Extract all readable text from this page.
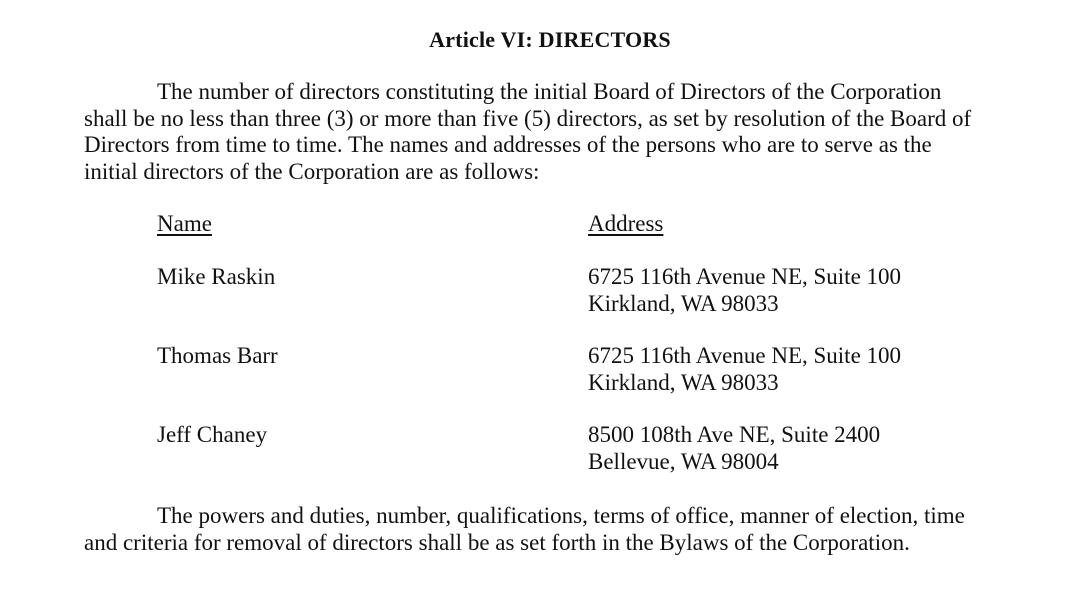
Article VI: DIRECTORS
The number of directors constituting the initial Board of Directors of the Corporation
shall be no less than three (3) or more than five (5) directors, as set by resolution of the Board of
Directors from time to time. The names and addresses of the persons who are to serve as the
initial directors of the Corporation are as follows:
Name	Address
Mike Raskin	6725 116th Avenue NE, Suite 100
Kirkland, WA 98033
Thomas Barr	6725 116th Avenue NE, Suite 100
Kirkland, WA 98033
Jeff Chaney	8500 108th Ave NE, Suite 2400
Bellevue, WA 98004
The powers and duties, number, qualifications, terms of office, manner of election, time
and criteria for removal of directors shall be as set forth in the Bylaws of the Corporation.
